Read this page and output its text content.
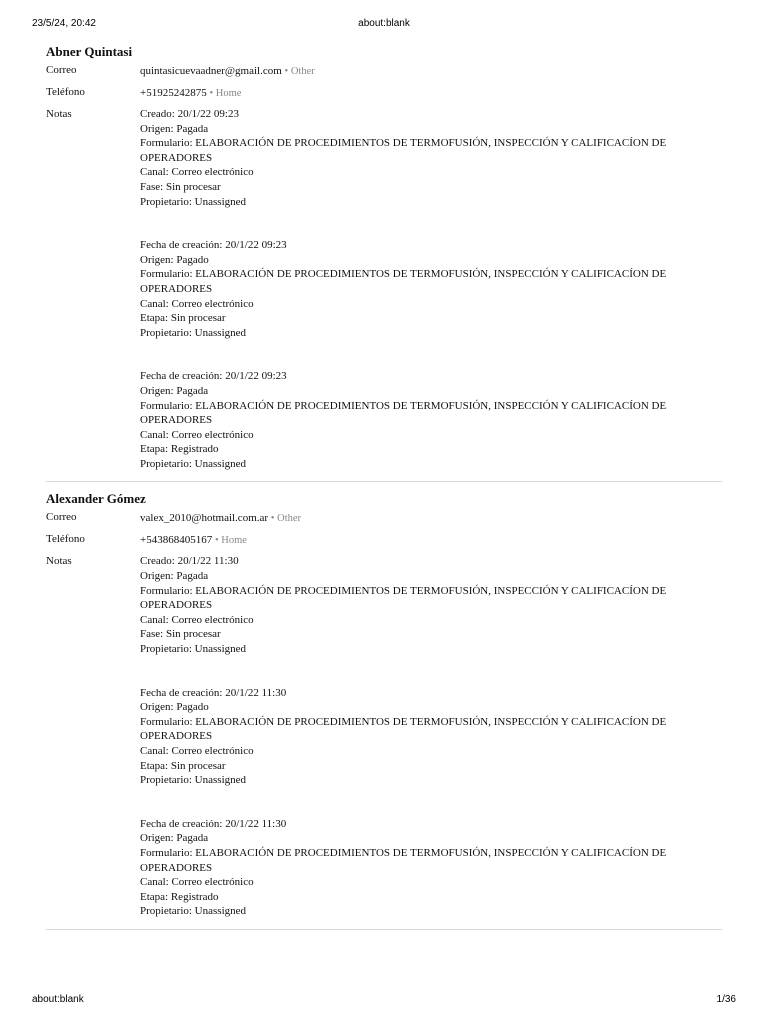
23/5/24, 20:42	about:blank
Abner Quintasi
Correo	quintasicuevaadner@gmail.com • Other
Teléfono	+51925242875 • Home
Notas	Creado: 20/1/22 09:23

Origen: Pagada

Formulario: ELABORACIÓN DE PROCEDIMIENTOS DE TERMOFUSIÓN, INSPECCIÓN Y CALIFICACÍON DE OPERADORES

Canal: Correo electrónico

Fase: Sin procesar

Propietario: Unassigned

Fecha de creación: 20/1/22 09:23

Origen: Pagado

Formulario: ELABORACIÓN DE PROCEDIMIENTOS DE TERMOFUSIÓN, INSPECCIÓN Y CALIFICACÍON DE OPERADORES

Canal: Correo electrónico

Etapa: Sin procesar

Propietario: Unassigned

Fecha de creación: 20/1/22 09:23

Origen: Pagada

Formulario: ELABORACIÓN DE PROCEDIMIENTOS DE TERMOFUSIÓN, INSPECCIÓN Y CALIFICACÍON DE OPERADORES

Canal: Correo electrónico

Etapa: Registrado

Propietario: Unassigned

Alexander Gómez
Correo	valex_2010@hotmail.com.ar • Other
Teléfono	+543868405167 • Home
Notas	Creado: 20/1/22 11:30

Origen: Pagada

Formulario: ELABORACIÓN DE PROCEDIMIENTOS DE TERMOFUSIÓN, INSPECCIÓN Y CALIFICACÍON DE OPERADORES

Canal: Correo electrónico

Fase: Sin procesar

Propietario: Unassigned

Fecha de creación: 20/1/22 11:30

Origen: Pagado

Formulario: ELABORACIÓN DE PROCEDIMIENTOS DE TERMOFUSIÓN, INSPECCIÓN Y CALIFICACÍON DE OPERADORES

Canal: Correo electrónico

Etapa: Sin procesar

Propietario: Unassigned

Fecha de creación: 20/1/22 11:30

Origen: Pagada

Formulario: ELABORACIÓN DE PROCEDIMIENTOS DE TERMOFUSIÓN, INSPECCIÓN Y CALIFICACÍON DE OPERADORES

Canal: Correo electrónico

Etapa: Registrado

Propietario: Unassigned

about:blank	1/36
